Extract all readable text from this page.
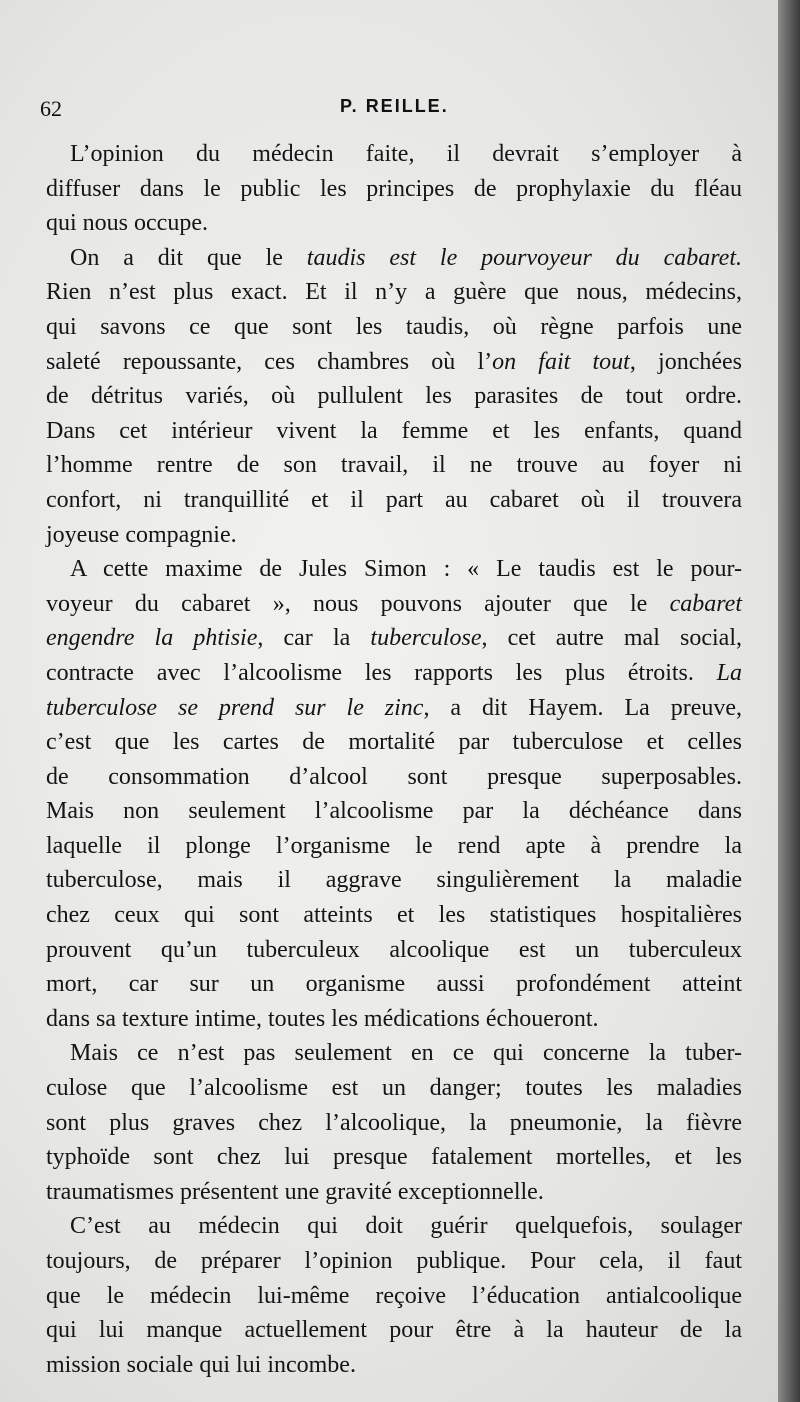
62	P. REILLE.
L’opinion du médecin faite, il devrait s’employer à
diffuser dans le public les principes de prophylaxie du fléau
qui nous occupe.
On a dit que le taudis est le pourvoyeur du cabaret.
Rien n’est plus exact. Et il n’y a guère que nous, médecins,
qui savons ce que sont les taudis, où règne parfois une
saleté repoussante, ces chambres où l’on fait tout, jonchées
de détritus variés, où pullulent les parasites de tout ordre.
Dans cet intérieur vivent la femme et les enfants, quand
l’homme rentre de son travail, il ne trouve au foyer ni
confort, ni tranquillité et il part au cabaret où il trouvera
joyeuse compagnie.
A cette maxime de Jules Simon : « Le taudis est le pour-
voyeur du cabaret », nous pouvons ajouter que le cabaret
engendre la phtisie, car la tuberculose, cet autre mal social,
contracte avec l’alcoolisme les rapports les plus étroits. La
tuberculose se prend sur le zinc, a dit Hayem. La preuve,
c’est que les cartes de mortalité par tuberculose et celles
de consommation d’alcool sont presque superposables.
Mais non seulement l’alcoolisme par la déchéance dans
laquelle il plonge l’organisme le rend apte à prendre la
tuberculose, mais il aggrave singulièrement la maladie
chez ceux qui sont atteints et les statistiques hospitalières
prouvent qu’un tuberculeux alcoolique est un tuberculeux
mort, car sur un organisme aussi profondément atteint
dans sa texture intime, toutes les médications échoueront.
Mais ce n’est pas seulement en ce qui concerne la tuber-
culose que l’alcoolisme est un danger; toutes les maladies
sont plus graves chez l’alcoolique, la pneumonie, la fièvre
typhoïde sont chez lui presque fatalement mortelles, et les
traumatismes présentent une gravité exceptionnelle.
C’est au médecin qui doit guérir quelquefois, soulager
toujours, de préparer l’opinion publique. Pour cela, il faut
que le médecin lui-même reçoive l’éducation antialcoolique
qui lui manque actuellement pour être à la hauteur de la
mission sociale qui lui incombe.
